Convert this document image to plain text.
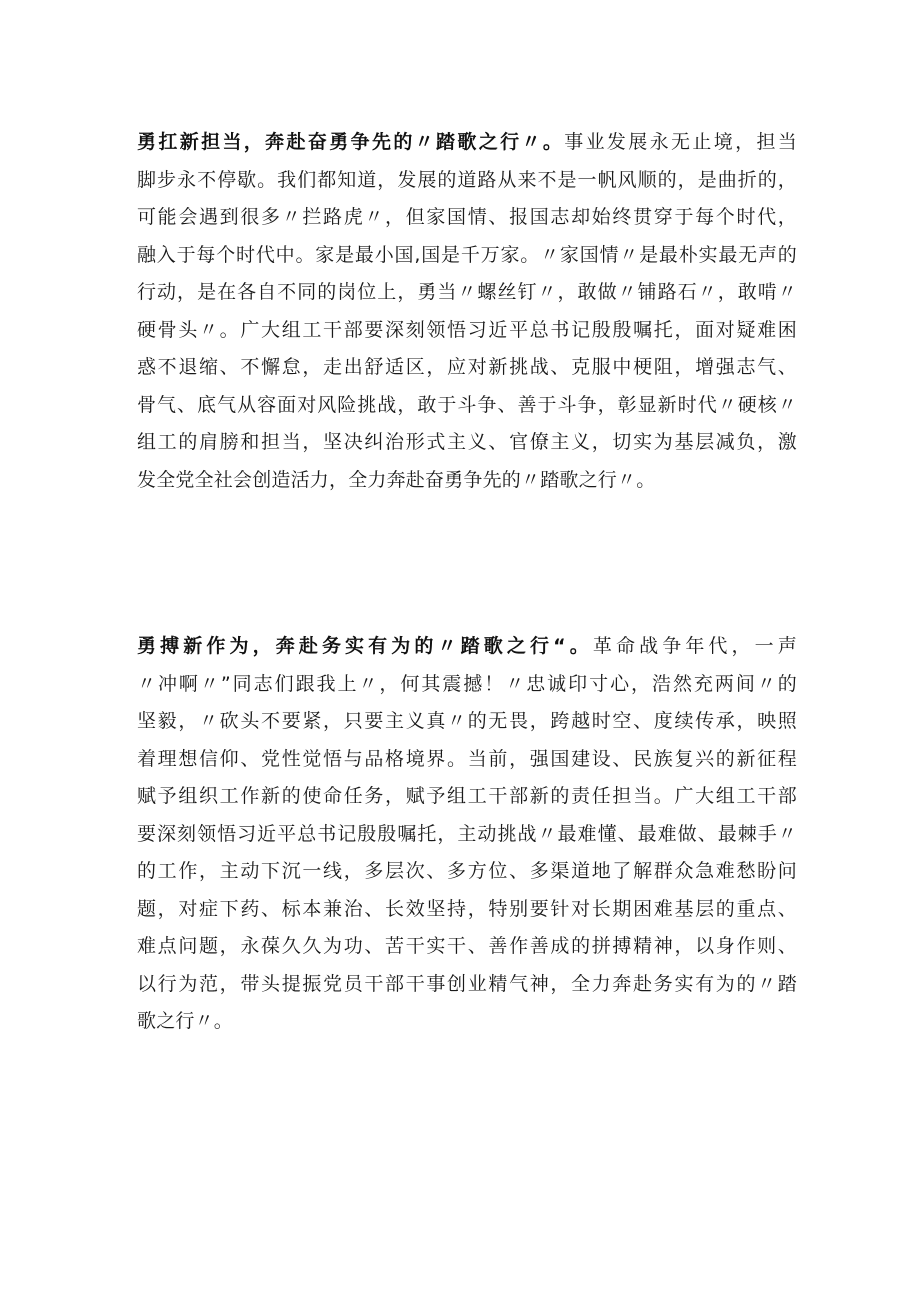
勇扛新担当，奔赴奋勇争先的〃踏歌之行〃。事业发展永无止境，担当
脚步永不停歇。我们都知道，发展的道路从来不是一帆风顺的，是曲折的，
可能会遇到很多〃拦路虎〃，但家国情、报国志却始终贯穿于每个时代，
融入于每个时代中。家是最小国,国是千万家。〃家国情〃是最朴实最无声的
行动，是在各自不同的岗位上，勇当〃螺丝钉〃，敢做〃铺路石〃，敢啃〃
硬骨头〃。广大组工干部要深刻领悟习近平总书记殷殷嘱托，面对疑难困
惑不退缩、不懈怠，走出舒适区，应对新挑战、克服中梗阻，增强志气、
骨气、底气从容面对风险挑战，敢于斗争、善于斗争，彰显新时代〃硬核〃
组工的肩膀和担当，坚决纠治形式主义、官僚主义，切实为基层减负，激
发全党全社会创造活力，全力奔赴奋勇争先的〃踏歌之行〃。
勇搏新作为，奔赴务实有为的〃踏歌之行“。革命战争年代，一声
〃冲啊〃”同志们跟我上〃，何其震撼！〃忠诚印寸心，浩然充两间〃的
坚毅，〃砍头不要紧，只要主义真〃的无畏，跨越时空、度续传承，映照
着理想信仰、党性觉悟与品格境界。当前，强国建设、民族复兴的新征程
赋予组织工作新的使命任务，赋予组工干部新的责任担当。广大组工干部
要深刻领悟习近平总书记殷殷嘱托，主动挑战〃最难懂、最难做、最棘手〃
的工作，主动下沉一线，多层次、多方位、多渠道地了解群众急难愁盼问
题，对症下药、标本兼治、长效坚持，特别要针对长期困难基层的重点、
难点问题，永葆久久为功、苦干实干、善作善成的拼搏精神，以身作则、
以行为范，带头提振党员干部干事创业精气神，全力奔赴务实有为的〃踏
歌之行〃。
